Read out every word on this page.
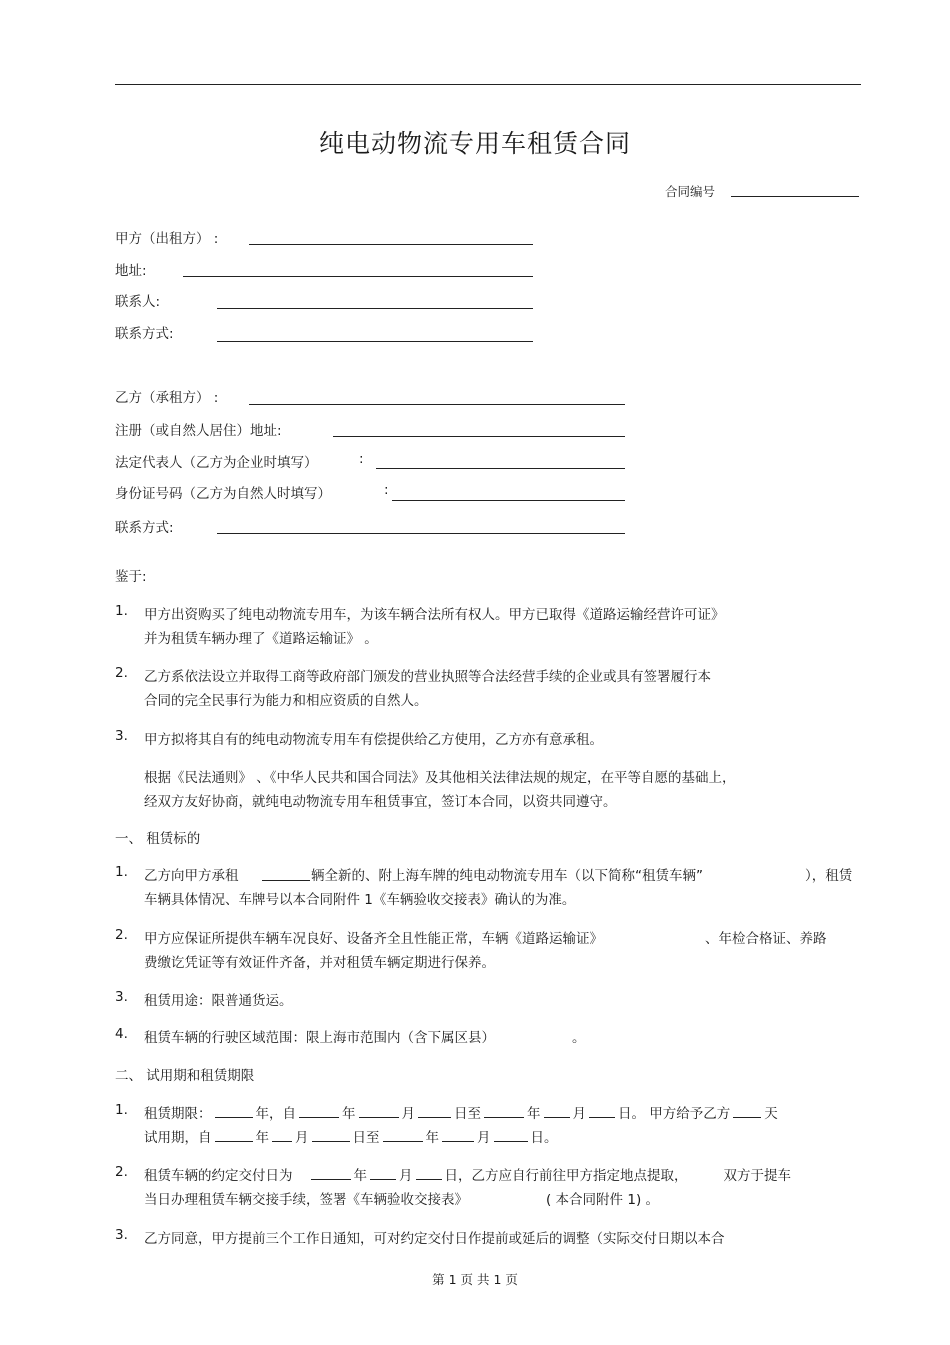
纯电动物流专用车租赁合同
合同编号
甲方（出租方） :
地址:
联系人:
联系方式:
乙方（承租方） :
注册（或自然人居住）地址:
法定代表人（乙方为企业时填写）	:
身份证号码（乙方为自然人时填写）	:
联系方式:
鉴于:
1. 甲方出资购买了纯电动物流专用车，为该车辆合法所有权人。甲方已取得《道路运输经营许可证》
并为租赁车辆办理了《道路运输证》 。
2. 乙方系依法设立并取得工商等政府部门颁发的营业执照等合法经营手续的企业或具有签署履行本
合同的完全民事行为能力和相应资质的自然人。
3. 甲方拟将其自有的纯电动物流专用车有偿提供给乙方使用，乙方亦有意承租。
根据《民法通则》 、《中华人民共和国合同法》及其他相关法律法规的规定，在平等自愿的基础上，
经双方友好协商，就纯电动物流专用车租赁事宜，签订本合同，以资共同遵守。
一、 租赁标的
1. 乙方向甲方承租	辆全新的、附上海车牌的纯电动物流专用车（以下简称“租赁车辆”	），租赁
车辆具体情况、车牌号以本合同附件 1《车辆验收交接表》确认的为准。
2. 甲方应保证所提供车辆车况良好、设备齐全且性能正常，车辆《道路运输证》	、年检合格证、养路
费缴讫凭证等有效证件齐备，并对租赁车辆定期进行保养。
3. 租赁用途：限普通货运。
4. 租赁车辆的行驶区域范围：限上海市范围内（含下属区县）	。
二、 试用期和租赁期限
1. 租赁期限：	年，自	年	月	日至	年 月 日。 甲方给予乙方	天
试用期，自	年 月	日至	年	月	日。
2. 租赁车辆的约定交付日为	年 月 日，乙方应自行前往甲方指定地点提取，	双方于提车
当日办理租赁车辆交接手续，签署《车辆验收交接表》	( 本合同附件 1) 。
3. 乙方同意，甲方提前三个工作日通知，可对约定交付日作提前或延后的调整（实际交付日期以本合
第 1 页 共 1 页
